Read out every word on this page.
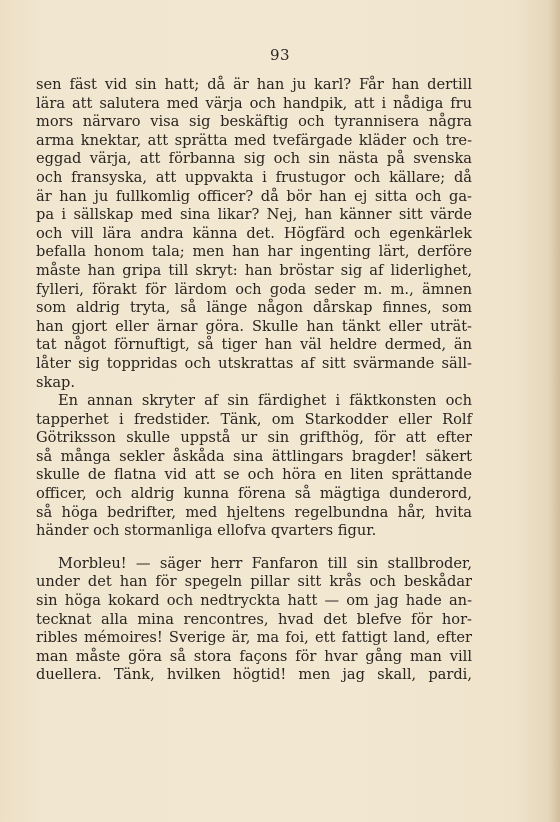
93
sen fäst vid sin hatt; då är han ju karl? Får han dertill
lära att salutera med värja och handpik, att i nådiga fru
mors närvaro visa sig beskäftig och tyrannisera några
arma knektar, att sprätta med tvefärgade kläder och tre-
eggad värja, att förbanna sig och sin nästa på svenska
och fransyska, att uppvakta i frustugor och källare; då
är han ju fullkomlig officer? då bör han ej sitta och ga-
pa i sällskap med sina likar? Nej, han känner sitt värde
och vill lära andra känna det. Högfärd och egenkärlek
befalla honom tala; men han har ingenting lärt, derföre
måste han gripa till skryt: han bröstar sig af liderlighet,
fylleri, förakt för lärdom och goda seder m. m., ämnen
som aldrig tryta, så länge någon dårskap finnes, som
han gjort eller ärnar göra. Skulle han tänkt eller uträt-
tat något förnuftigt, så tiger han väl heldre dermed, än
låter sig toppridas och utskrattas af sitt svärmande säll-
skap.
En annan skryter af sin färdighet i fäktkonsten och
tapperhet i fredstider. Tänk, om Starkodder eller Rolf
Götriksson skulle uppstå ur sin grifthög, för att efter
så många sekler åskåda sina ättlingars bragder! säkert
skulle de flatna vid att se och höra en liten sprättande
officer, och aldrig kunna förena så mägtiga dunderord,
så höga bedrifter, med hjeltens regelbundna hår, hvita
händer och stormanliga ellofva qvarters figur.
Morbleu! — säger herr Fanfaron till sin stallbroder,
under det han för spegeln pillar sitt krås och beskådar
sin höga kokard och nedtryckta hatt — om jag hade an-
tecknat alla mina rencontres, hvad det blefve för hor-
ribles mémoires! Sverige är, ma foi, ett fattigt land, efter
man måste göra så stora façons för hvar gång man vill
duellera. Tänk, hvilken högtid! men jag skall, pardi,
